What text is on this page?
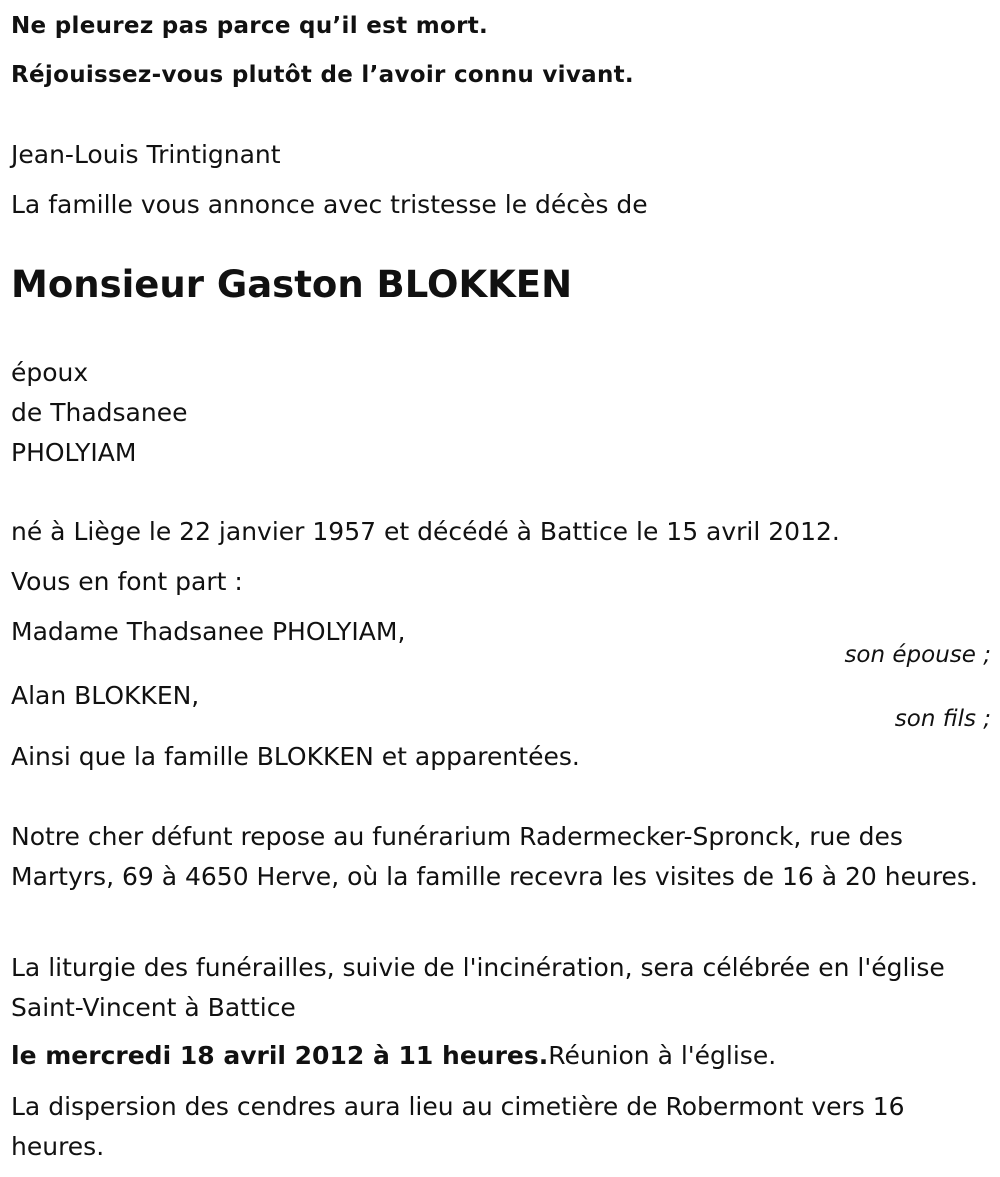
Ne pleurez pas parce qu’il est mort.
Réjouissez-vous plutôt de l’avoir connu vivant.
Jean-Louis Trintignant
La famille vous annonce avec tristesse le décès de
Monsieur Gaston BLOKKEN
époux
de Thadsanee
PHOLYIAM
né à Liège le 22 janvier 1957 et décédé à Battice le 15 avril 2012.
Vous en font part :
Madame Thadsanee PHOLYIAM,
son épouse ;
Alan BLOKKEN,
son fils ;
Ainsi que la famille BLOKKEN et apparentées.
Notre cher défunt repose au funérarium Radermecker-Spronck, rue des Martyrs, 69 à 4650 Herve, où la famille recevra les visites de 16 à 20 heures.
La liturgie des funérailles, suivie de l'incinération, sera célébrée en l'église Saint-Vincent à Battice
le mercredi 18 avril 2012 à 11 heures.Réunion à l'église.
La dispersion des cendres aura lieu au cimetière de Robermont vers 16 heures.
